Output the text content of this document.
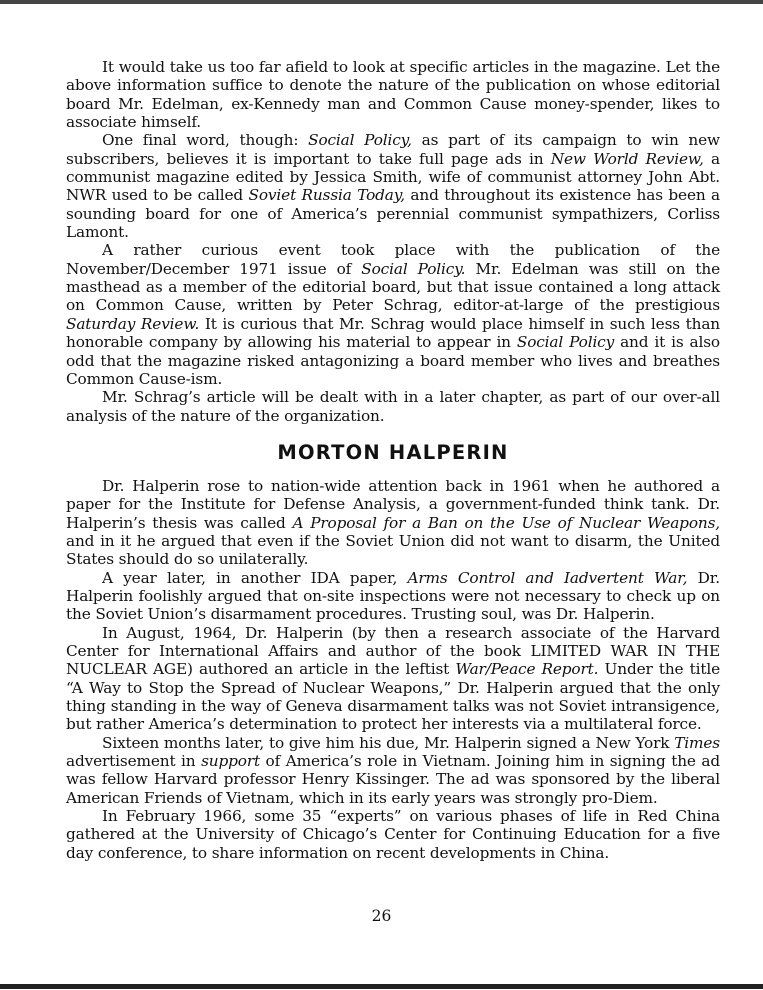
It would take us too far afield to look at specific articles in the magazine. Let the above information suffice to denote the nature of the publication on whose editorial board Mr. Edelman, ex-Kennedy man and Common Cause money-spender, likes to associate himself.

One final word, though: Social Policy, as part of its campaign to win new subscribers, believes it is important to take full page ads in New World Review, a communist magazine edited by Jessica Smith, wife of communist attorney John Abt. NWR used to be called Soviet Russia Today, and throughout its existence has been a sounding board for one of America’s perennial communist sympathizers, Corliss Lamont.

A rather curious event took place with the publication of the November/December 1971 issue of Social Policy. Mr. Edelman was still on the masthead as a member of the editorial board, but that issue contained a long attack on Common Cause, written by Peter Schrag, editor-at-large of the prestigious Saturday Review. It is curious that Mr. Schrag would place himself in such less than honorable company by allowing his material to appear in Social Policy and it is also odd that the magazine risked antagonizing a board member who lives and breathes Common Cause-ism.

Mr. Schrag’s article will be dealt with in a later chapter, as part of our over-all analysis of the nature of the organization.

MORTON HALPERIN

Dr. Halperin rose to nation-wide attention back in 1961 when he authored a paper for the Institute for Defense Analysis, a government-funded think tank. Dr. Halperin’s thesis was called A Proposal for a Ban on the Use of Nuclear Weapons, and in it he argued that even if the Soviet Union did not want to disarm, the United States should do so unilaterally.

A year later, in another IDA paper, Arms Control and Iadvertent War, Dr. Halperin foolishly argued that on-site inspections were not necessary to check up on the Soviet Union’s disarmament procedures. Trusting soul, was Dr. Halperin.

In August, 1964, Dr. Halperin (by then a research associate of the Harvard Center for International Affairs and author of the book LIMITED WAR IN THE NUCLEAR AGE) authored an article in the leftist War/Peace Report. Under the title “A Way to Stop the Spread of Nuclear Weapons,” Dr. Halperin argued that the only thing standing in the way of Geneva disarmament talks was not Soviet intransigence, but rather America’s determination to protect her interests via a multilateral force.

Sixteen months later, to give him his due, Mr. Halperin signed a New York Times advertisement in support of America’s role in Vietnam. Joining him in signing the ad was fellow Harvard professor Henry Kissinger. The ad was sponsored by the liberal American Friends of Vietnam, which in its early years was strongly pro-Diem.

In February 1966, some 35 “experts” on various phases of life in Red China gathered at the University of Chicago’s Center for Continuing Education for a five day conference, to share information on recent developments in China.

26
